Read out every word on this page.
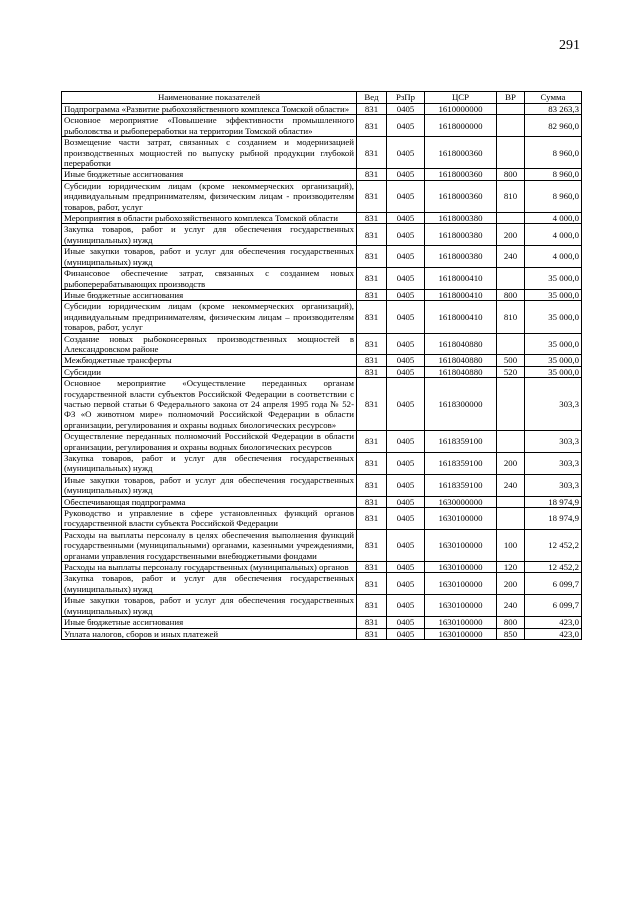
291
Наименование показателей	Вед	РзПр	ЦСР	ВР	Сумма
Подпрограмма «Развитие рыбохозяйственного комплекса Томской области»	831	0405	1610000000		83 263,3
Основное мероприятие «Повышение эффективности промышленного рыболовства и рыбопереработки на территории Томской области»	831	0405	1618000000		82 960,0
Возмещение части затрат, связанных с созданием и модернизацией производственных мощностей по выпуску рыбной продукции глубокой переработки	831	0405	1618000360		8 960,0
Иные бюджетные ассигнования	831	0405	1618000360	800	8 960,0
Субсидии юридическим лицам (кроме некоммерческих организаций), индивидуальным предпринимателям, физическим лицам - производителям товаров, работ, услуг	831	0405	1618000360	810	8 960,0
Мероприятия в области рыбохозяйственного комплекса Томской области	831	0405	1618000380		4 000,0
Закупка товаров, работ и услуг для обеспечения государственных (муниципальных) нужд	831	0405	1618000380	200	4 000,0
Иные закупки товаров, работ и услуг для обеспечения государственных (муниципальных) нужд	831	0405	1618000380	240	4 000,0
Финансовое обеспечение затрат, связанных с созданием новых рыбоперерабатывающих производств	831	0405	1618000410		35 000,0
Иные бюджетные ассигнования	831	0405	1618000410	800	35 000,0
Субсидии юридическим лицам (кроме некоммерческих организаций), индивидуальным предпринимателям, физическим лицам – производителям товаров, работ, услуг	831	0405	1618000410	810	35 000,0
Создание новых рыбоконсервных производственных мощностей в Александровском районе	831	0405	1618040880		35 000,0
Межбюджетные трансферты	831	0405	1618040880	500	35 000,0
Субсидии	831	0405	1618040880	520	35 000,0
Основное мероприятие «Осуществление переданных органам государственной власти субъектов Российской Федерации в соответствии с частью первой статьи 6 Федерального закона от 24 апреля 1995 года № 52-ФЗ «О животном мире» полномочий Российской Федерации в области организации, регулирования и охраны водных биологических ресурсов»	831	0405	1618300000		303,3
Осуществление переданных полномочий Российской Федерации в области организации, регулирования и охраны водных биологических ресурсов	831	0405	1618359100		303,3
Закупка товаров, работ и услуг для обеспечения государственных (муниципальных) нужд	831	0405	1618359100	200	303,3
Иные закупки товаров, работ и услуг для обеспечения государственных (муниципальных) нужд	831	0405	1618359100	240	303,3
Обеспечивающая подпрограмма	831	0405	1630000000		18 974,9
Руководство и управление в сфере установленных функций органов государственной власти субъекта Российской Федерации	831	0405	1630100000		18 974,9
Расходы на выплаты персоналу в целях обеспечения выполнения функций государственными (муниципальными) органами, казенными учреждениями, органами управления государственными внебюджетными фондами	831	0405	1630100000	100	12 452,2
Расходы на выплаты персоналу государственных (муниципальных) органов	831	0405	1630100000	120	12 452,2
Закупка товаров, работ и услуг для обеспечения государственных (муниципальных) нужд	831	0405	1630100000	200	6 099,7
Иные закупки товаров, работ и услуг для обеспечения государственных (муниципальных) нужд	831	0405	1630100000	240	6 099,7
Иные бюджетные ассигнования	831	0405	1630100000	800	423,0
Уплата налогов, сборов и иных платежей	831	0405	1630100000	850	423,0
